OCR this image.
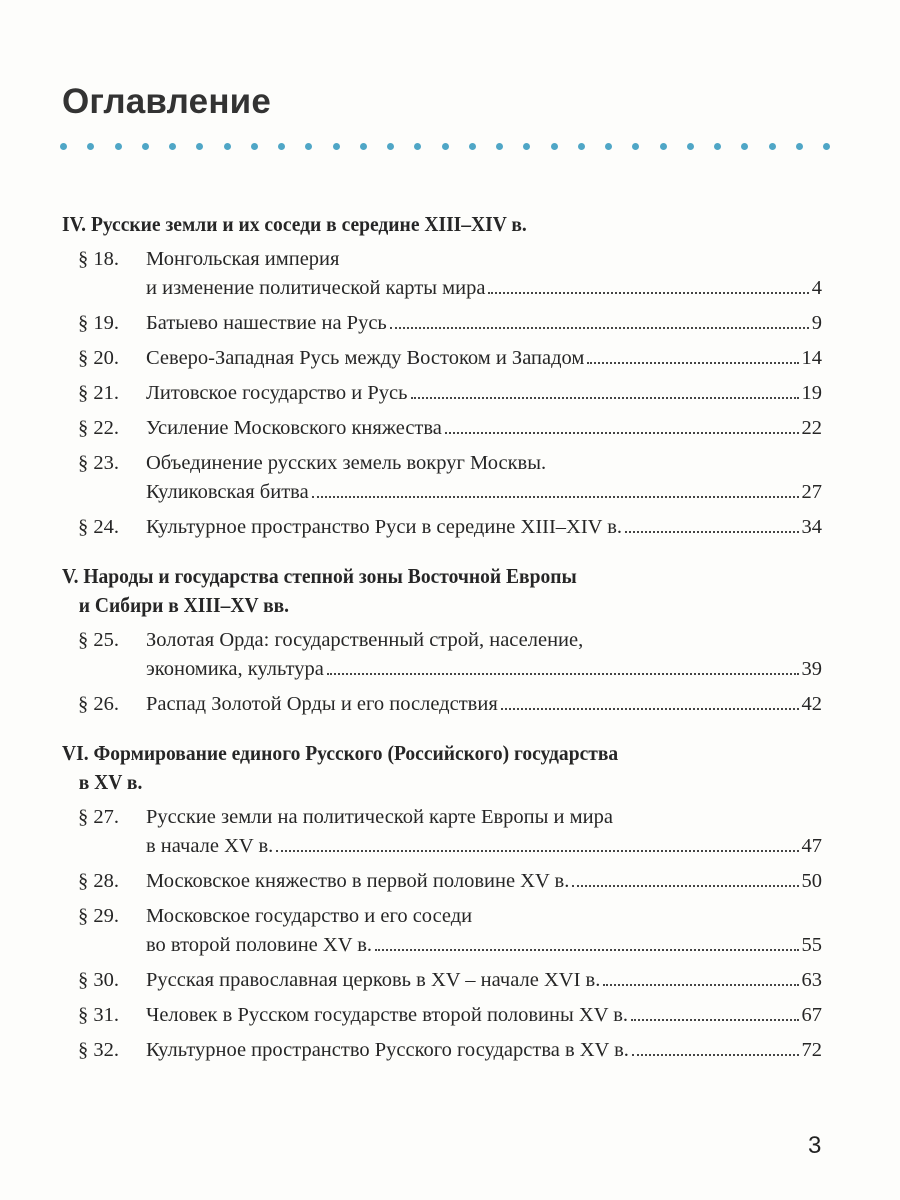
Оглавление
IV. Русские земли и их соседи в середине XIII–XIV в.
§ 18. Монгольская империя
и изменение политической карты мира	4
§ 19. Батыево нашествие на Русь	9
§ 20. Северо-Западная Русь между Востоком и Западом	14
§ 21. Литовское государство и Русь	19
§ 22. Усиление Московского княжества	22
§ 23. Объединение русских земель вокруг Москвы.
Куликовская битва	27
§ 24. Культурное пространство Руси в середине XIII–XIV в.	34
V. Народы и государства степной зоны Восточной Европы
и Сибири в XIII–XV вв.
§ 25. Золотая Орда: государственный строй, население,
экономика, культура	39
§ 26. Распад Золотой Орды и его последствия	42
VI. Формирование единого Русского (Российского) государства
в XV в.
§ 27. Русские земли на политической карте Европы и мира
в начале XV в.	47
§ 28. Московское княжество в первой половине XV в.	50
§ 29. Московское государство и его соседи
во второй половине XV в.	55
§ 30. Русская православная церковь в XV – начале XVI в.	63
§ 31. Человек в Русском государстве второй половины XV в.	67
§ 32. Культурное пространство Русского государства в XV в.	72
3
